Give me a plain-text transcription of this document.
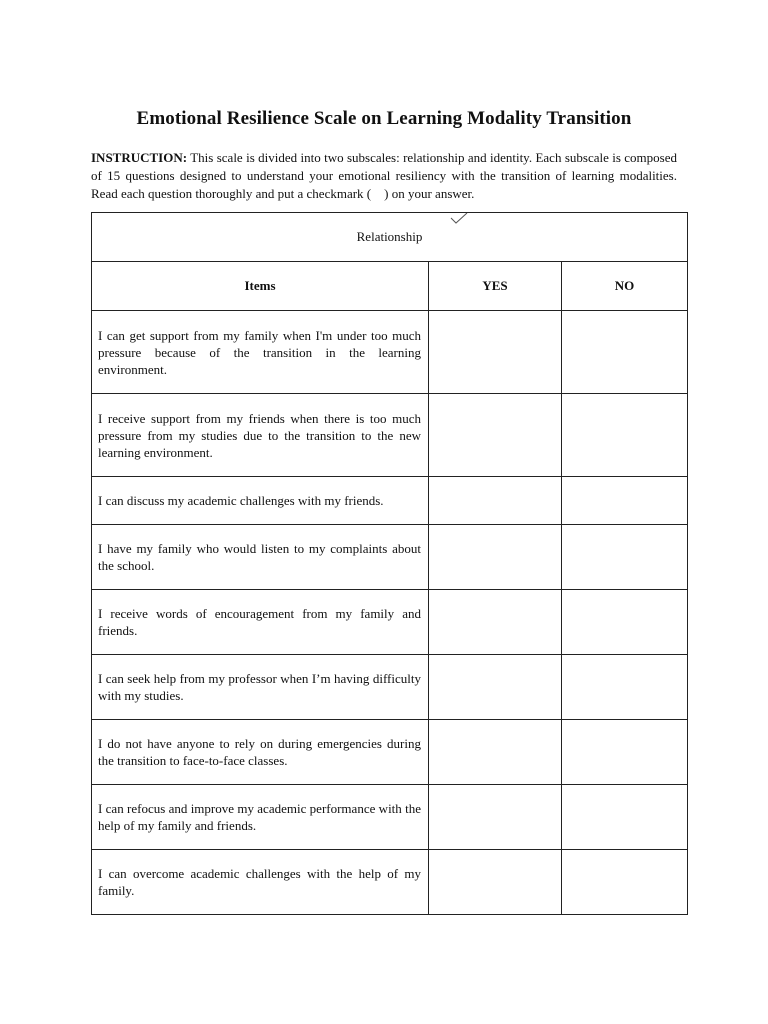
Emotional Resilience Scale on Learning Modality Transition
INSTRUCTION: This scale is divided into two subscales: relationship and identity. Each subscale is composed of 15 questions designed to understand your emotional resiliency with the transition of learning modalities. Read each question thoroughly and put a checkmark ( ) on your answer.
Relationship		
Items	YES	NO
I can get support from my family when I'm under too much pressure because of the transition in the learning environment.		
I receive support from my friends when there is too much pressure from my studies due to the transition to the new learning environment.		
I can discuss my academic challenges with my friends.		
I have my family who would listen to my complaints about the school.		
I receive words of encouragement from my family and friends.		
I can seek help from my professor when I’m having difficulty with my studies.		
I do not have anyone to rely on during emergencies during the transition to face-to-face classes.		
I can refocus and improve my academic performance with the help of my family and friends.		
I can overcome academic challenges with the help of my family.		
